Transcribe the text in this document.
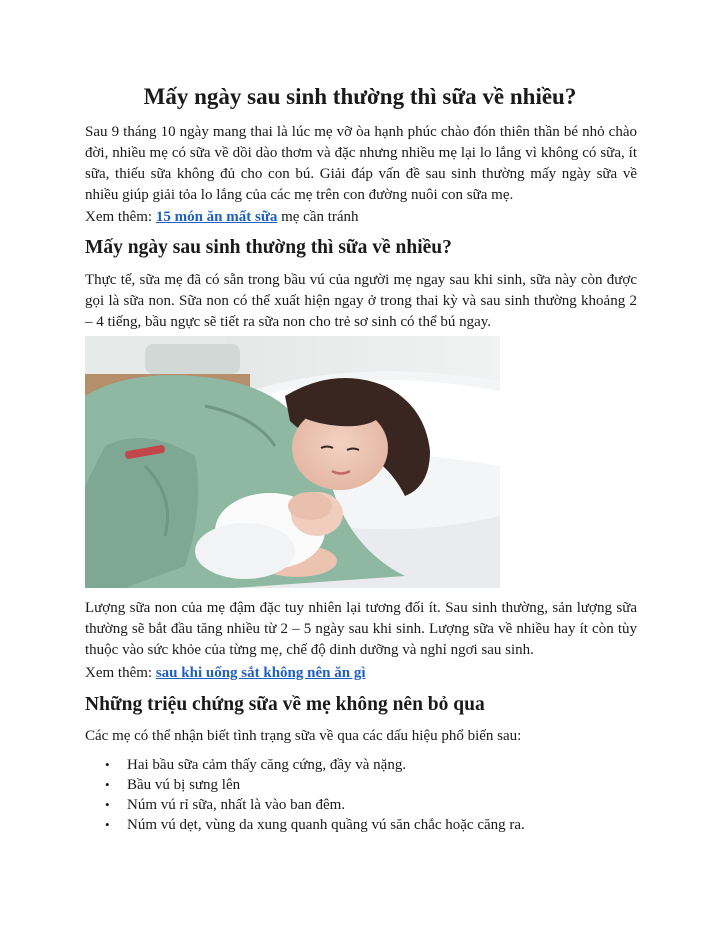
Mấy ngày sau sinh thường thì sữa về nhiều?

Sau 9 tháng 10 ngày mang thai là lúc mẹ vỡ òa hạnh phúc chào đón thiên thần bé nhỏ chào đời, nhiều mẹ có sữa về dồi dào thơm và đặc nhưng nhiều mẹ lại lo lắng vì không có sữa, ít sữa, thiếu sữa không đủ cho con bú. Giải đáp vấn đề sau sinh thường mấy ngày sữa về nhiều giúp giải tỏa lo lắng của các mẹ trên con đường nuôi con sữa mẹ.

Xem thêm: 15 món ăn mất sữa mẹ cần tránh

Mấy ngày sau sinh thường thì sữa về nhiều?

Thực tế, sữa mẹ đã có sẵn trong bầu vú của người mẹ ngay sau khi sinh, sữa này còn được gọi là sữa non. Sữa non có thể xuất hiện ngay ở trong thai kỳ và sau sinh thường khoảng 2 – 4 tiếng, bầu ngực sẽ tiết ra sữa non cho trẻ sơ sinh có thể bú ngay.

Lượng sữa non của mẹ đậm đặc tuy nhiên lại tương đối ít. Sau sinh thường, sản lượng sữa thường sẽ bắt đầu tăng nhiều từ 2 – 5 ngày sau khi sinh. Lượng sữa về nhiều hay ít còn tùy thuộc vào sức khỏe của từng mẹ, chế độ dinh dưỡng và nghỉ ngơi sau sinh.

Xem thêm: sau khi uống sắt không nên ăn gì

Những triệu chứng sữa về mẹ không nên bỏ qua

Các mẹ có thể nhận biết tình trạng sữa về qua các dấu hiệu phổ biến sau:

• Hai bầu sữa cảm thấy căng cứng, đầy và nặng.
• Bầu vú bị sưng lên
• Núm vú rỉ sữa, nhất là vào ban đêm.
• Núm vú dẹt, vùng da xung quanh quầng vú săn chắc hoặc căng ra.
